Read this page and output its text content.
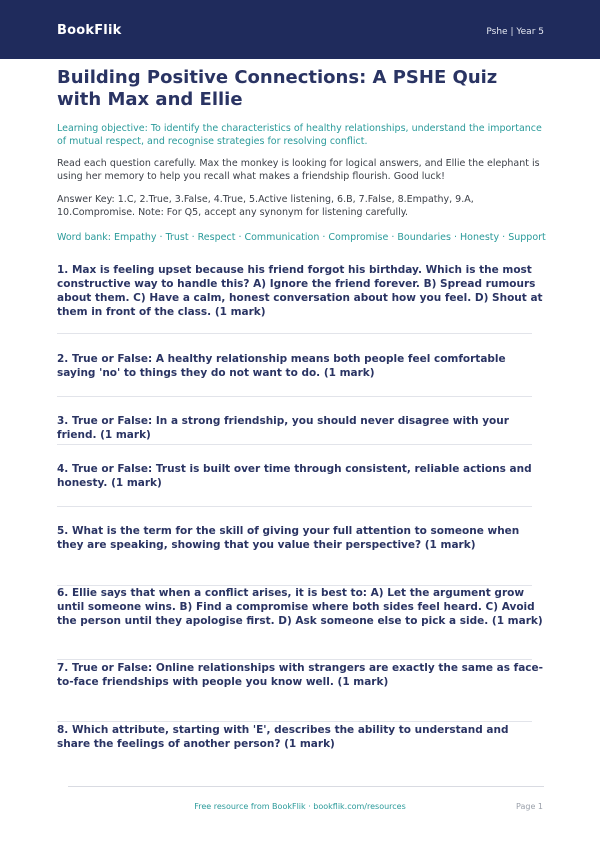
BookFlik	Pshe | Year 5
Building Positive Connections: A PSHE Quiz with Max and Ellie
Learning objective: To identify the characteristics of healthy relationships, understand the importance of mutual respect, and recognise strategies for resolving conflict.
Read each question carefully. Max the monkey is looking for logical answers, and Ellie the elephant is using her memory to help you recall what makes a friendship flourish. Good luck!
Answer Key: 1.C, 2.True, 3.False, 4.True, 5.Active listening, 6.B, 7.False, 8.Empathy, 9.A, 10.Compromise. Note: For Q5, accept any synonym for listening carefully.
Word bank: Empathy · Trust · Respect · Communication · Compromise · Boundaries · Honesty · Support
1. Max is feeling upset because his friend forgot his birthday. Which is the most constructive way to handle this? A) Ignore the friend forever. B) Spread rumours about them. C) Have a calm, honest conversation about how you feel. D) Shout at them in front of the class. (1 mark)
2. True or False: A healthy relationship means both people feel comfortable saying 'no' to things they do not want to do. (1 mark)
3. True or False: In a strong friendship, you should never disagree with your friend. (1 mark)
4. True or False: Trust is built over time through consistent, reliable actions and honesty. (1 mark)
5. What is the term for the skill of giving your full attention to someone when they are speaking, showing that you value their perspective? (1 mark)
6. Ellie says that when a conflict arises, it is best to: A) Let the argument grow until someone wins. B) Find a compromise where both sides feel heard. C) Avoid the person until they apologise first. D) Ask someone else to pick a side. (1 mark)
7. True or False: Online relationships with strangers are exactly the same as face-to-face friendships with people you know well. (1 mark)
8. Which attribute, starting with 'E', describes the ability to understand and share the feelings of another person? (1 mark)
Free resource from BookFlik · bookflik.com/resources	Page 1
